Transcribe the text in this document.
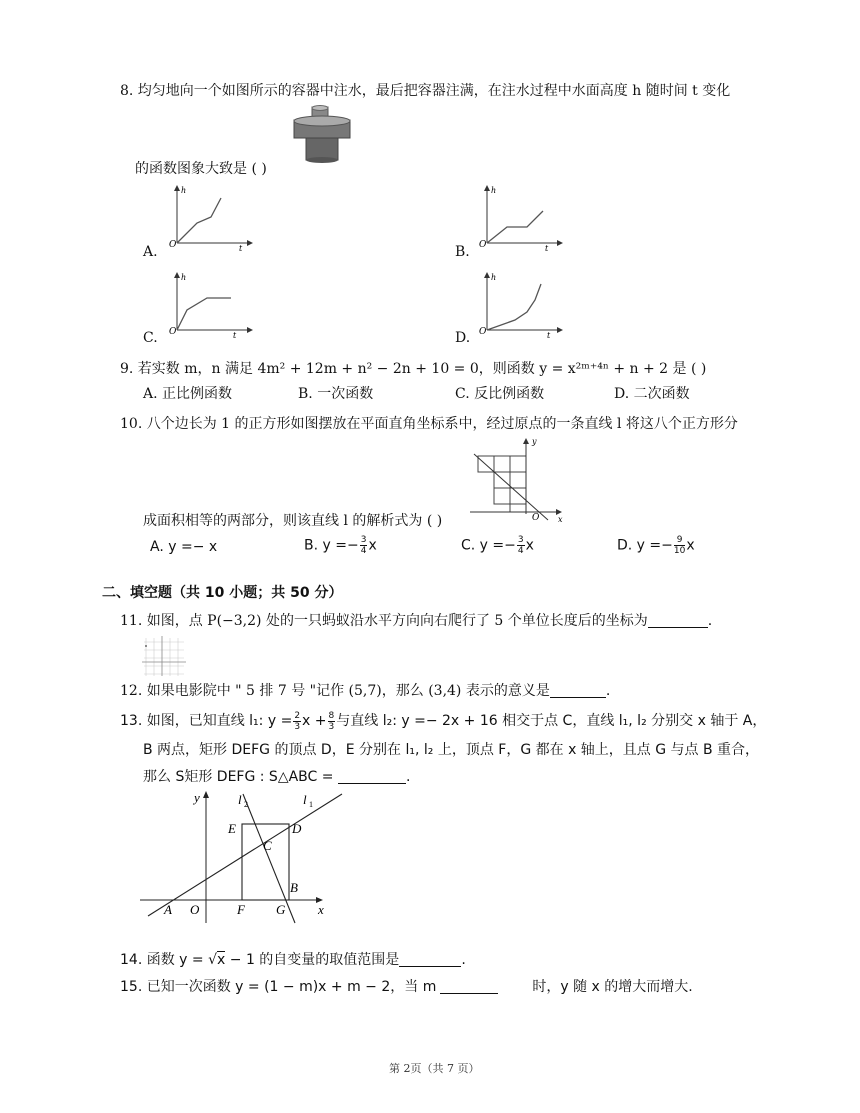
8. 均匀地向一个如图所示的容器中注水，最后把容器注满，在注水过程中水面高度 h 随时间 t 变化
的函数图象大致是 ( )
h
O	t
A.
h
O	t
B.
h
O	t
C.
h
O	t
D.
9. 若实数 m，n 满足 4m² + 12m + n² − 2n + 10 = 0，则函数 y = x²ᵐ⁺⁴ⁿ + n + 2 是 ( )
A. 正比例函数	B. 一次函数	C. 反比例函数	D. 二次函数
10. 八个边长为 1 的正方形如图摆放在平面直角坐标系中，经过原点的一条直线 l 将这八个正方形分
y
O x
成面积相等的两部分，则该直线 l 的解析式为 ( )
A. y =− x	B. $y =- \frac{3}{4}$ x	C. $y =- \frac{3}{4}$ x	D. $y =- \frac{9}{10}$ x
二、填空题（共 10 小题；共 50 分）
11. 如图，点 P(−3,2) 处的一只蚂蚁沿水平方向向右爬行了 5 个单位长度后的坐标为	.
12. 如果电影院中 " 5 排 7 号 "记作 (5,7)，那么 (3,4) 表示的意义是	.
13. 如图，已知直线 l₁: $y = \frac{2}{3}$ $x + \frac{8}{3}$ 与直线 l₂: y =− 2x + 16 相交于点 C，直线 l₁, l₂ 分别交 x 轴于 A，
B 两点，矩形 DEFG 的顶点 D，E 分别在 l₁, l₂ 上，顶点 F，G 都在 x 轴上，且点 G 与点 B 重合，
那么 S矩形 DEFG : S△ABC =	.
y	l 2	l 1
E	D
C
B
A O	F G	x
14. 函数 y = √x − 1 的自变量的取值范围是	.
15. 已知一次函数 y = (1 − m)x + m − 2，当 m	时，y 随 x 的增大而增大.
第 2页（共 7 页）
